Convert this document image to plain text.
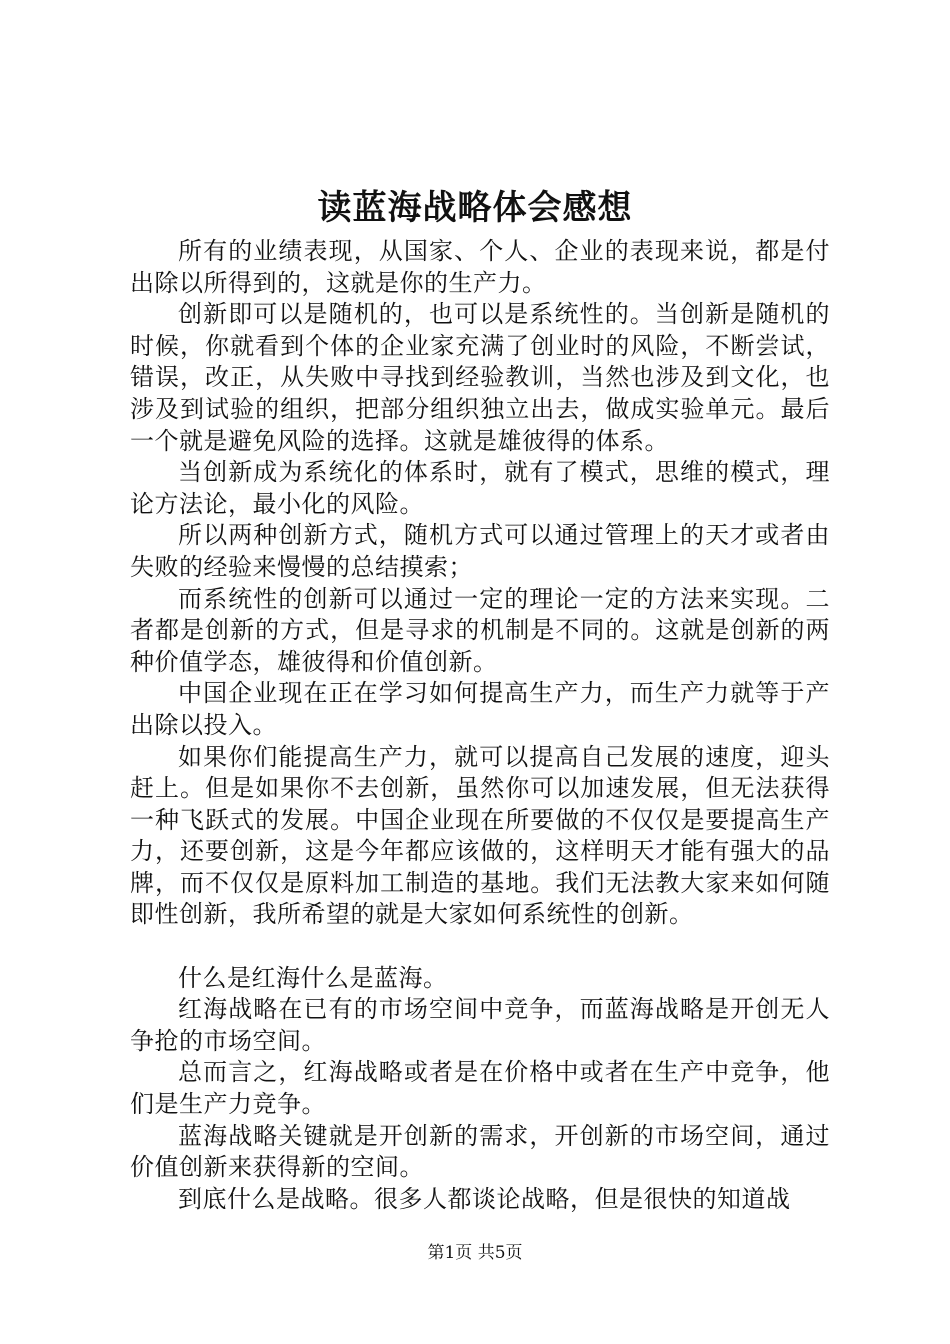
读蓝海战略体会感想

所有的业绩表现，从国家、个人、企业的表现来说，都是付出除以所得到的，这就是你的生产力。

创新即可以是随机的，也可以是系统性的。当创新是随机的时候，你就看到个体的企业家充满了创业时的风险，不断尝试，错误，改正，从失败中寻找到经验教训，当然也涉及到文化，也涉及到试验的组织，把部分组织独立出去，做成实验单元。最后一个就是避免风险的选择。这就是雄彼得的体系。

当创新成为系统化的体系时，就有了模式，思维的模式，理论方法论，最小化的风险。

所以两种创新方式，随机方式可以通过管理上的天才或者由失败的经验来慢慢的总结摸索；

而系统性的创新可以通过一定的理论一定的方法来实现。二者都是创新的方式，但是寻求的机制是不同的。这就是创新的两种价值学态，雄彼得和价值创新。

中国企业现在正在学习如何提高生产力，而生产力就等于产出除以投入。

如果你们能提高生产力，就可以提高自己发展的速度，迎头赶上。但是如果你不去创新，虽然你可以加速发展，但无法获得一种飞跃式的发展。中国企业现在所要做的不仅仅是要提高生产力，还要创新，这是今年都应该做的，这样明天才能有强大的品牌，而不仅仅是原料加工制造的基地。我们无法教大家来如何随即性创新，我所希望的就是大家如何系统性的创新。

什么是红海什么是蓝海。

红海战略在已有的市场空间中竞争，而蓝海战略是开创无人争抢的市场空间。

总而言之，红海战略或者是在价格中或者在生产中竞争，他们是生产力竞争。

蓝海战略关键就是开创新的需求，开创新的市场空间，通过价值创新来获得新的空间。

到底什么是战略。很多人都谈论战略，但是很快的知道战

第1页 共5页
